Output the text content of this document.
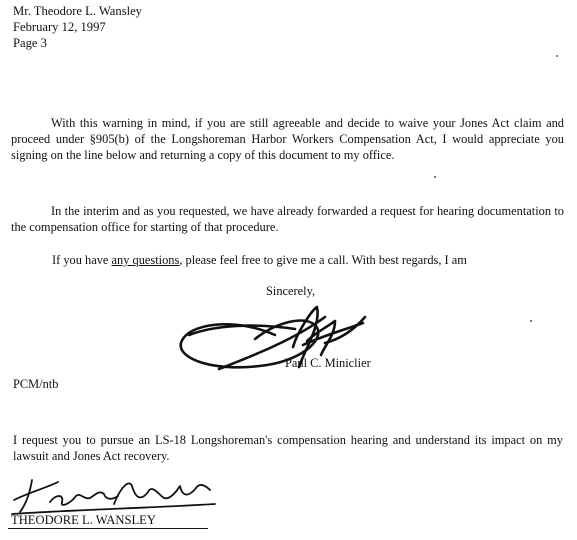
Mr. Theodore L. Wansley
February 12, 1997
Page 3

With this warning in mind, if you are still agreeable and decide to waive your Jones Act claim and proceed under §905(b) of the Longshoreman Harbor Workers Compensation Act, I would appreciate you signing on the line below and returning a copy of this document to my office.

In the interim and as you requested, we have already forwarded a request for hearing documentation to the compensation office for starting of that procedure.

If you have any questions, please feel free to give me a call. With best regards, I am

Sincerely,
Paul C. Miniclier
PCM/ntb

I request you to pursue an LS-18 Longshoreman's compensation hearing and understand its impact on my lawsuit and Jones Act recovery.

THEODORE L. WANSLEY
